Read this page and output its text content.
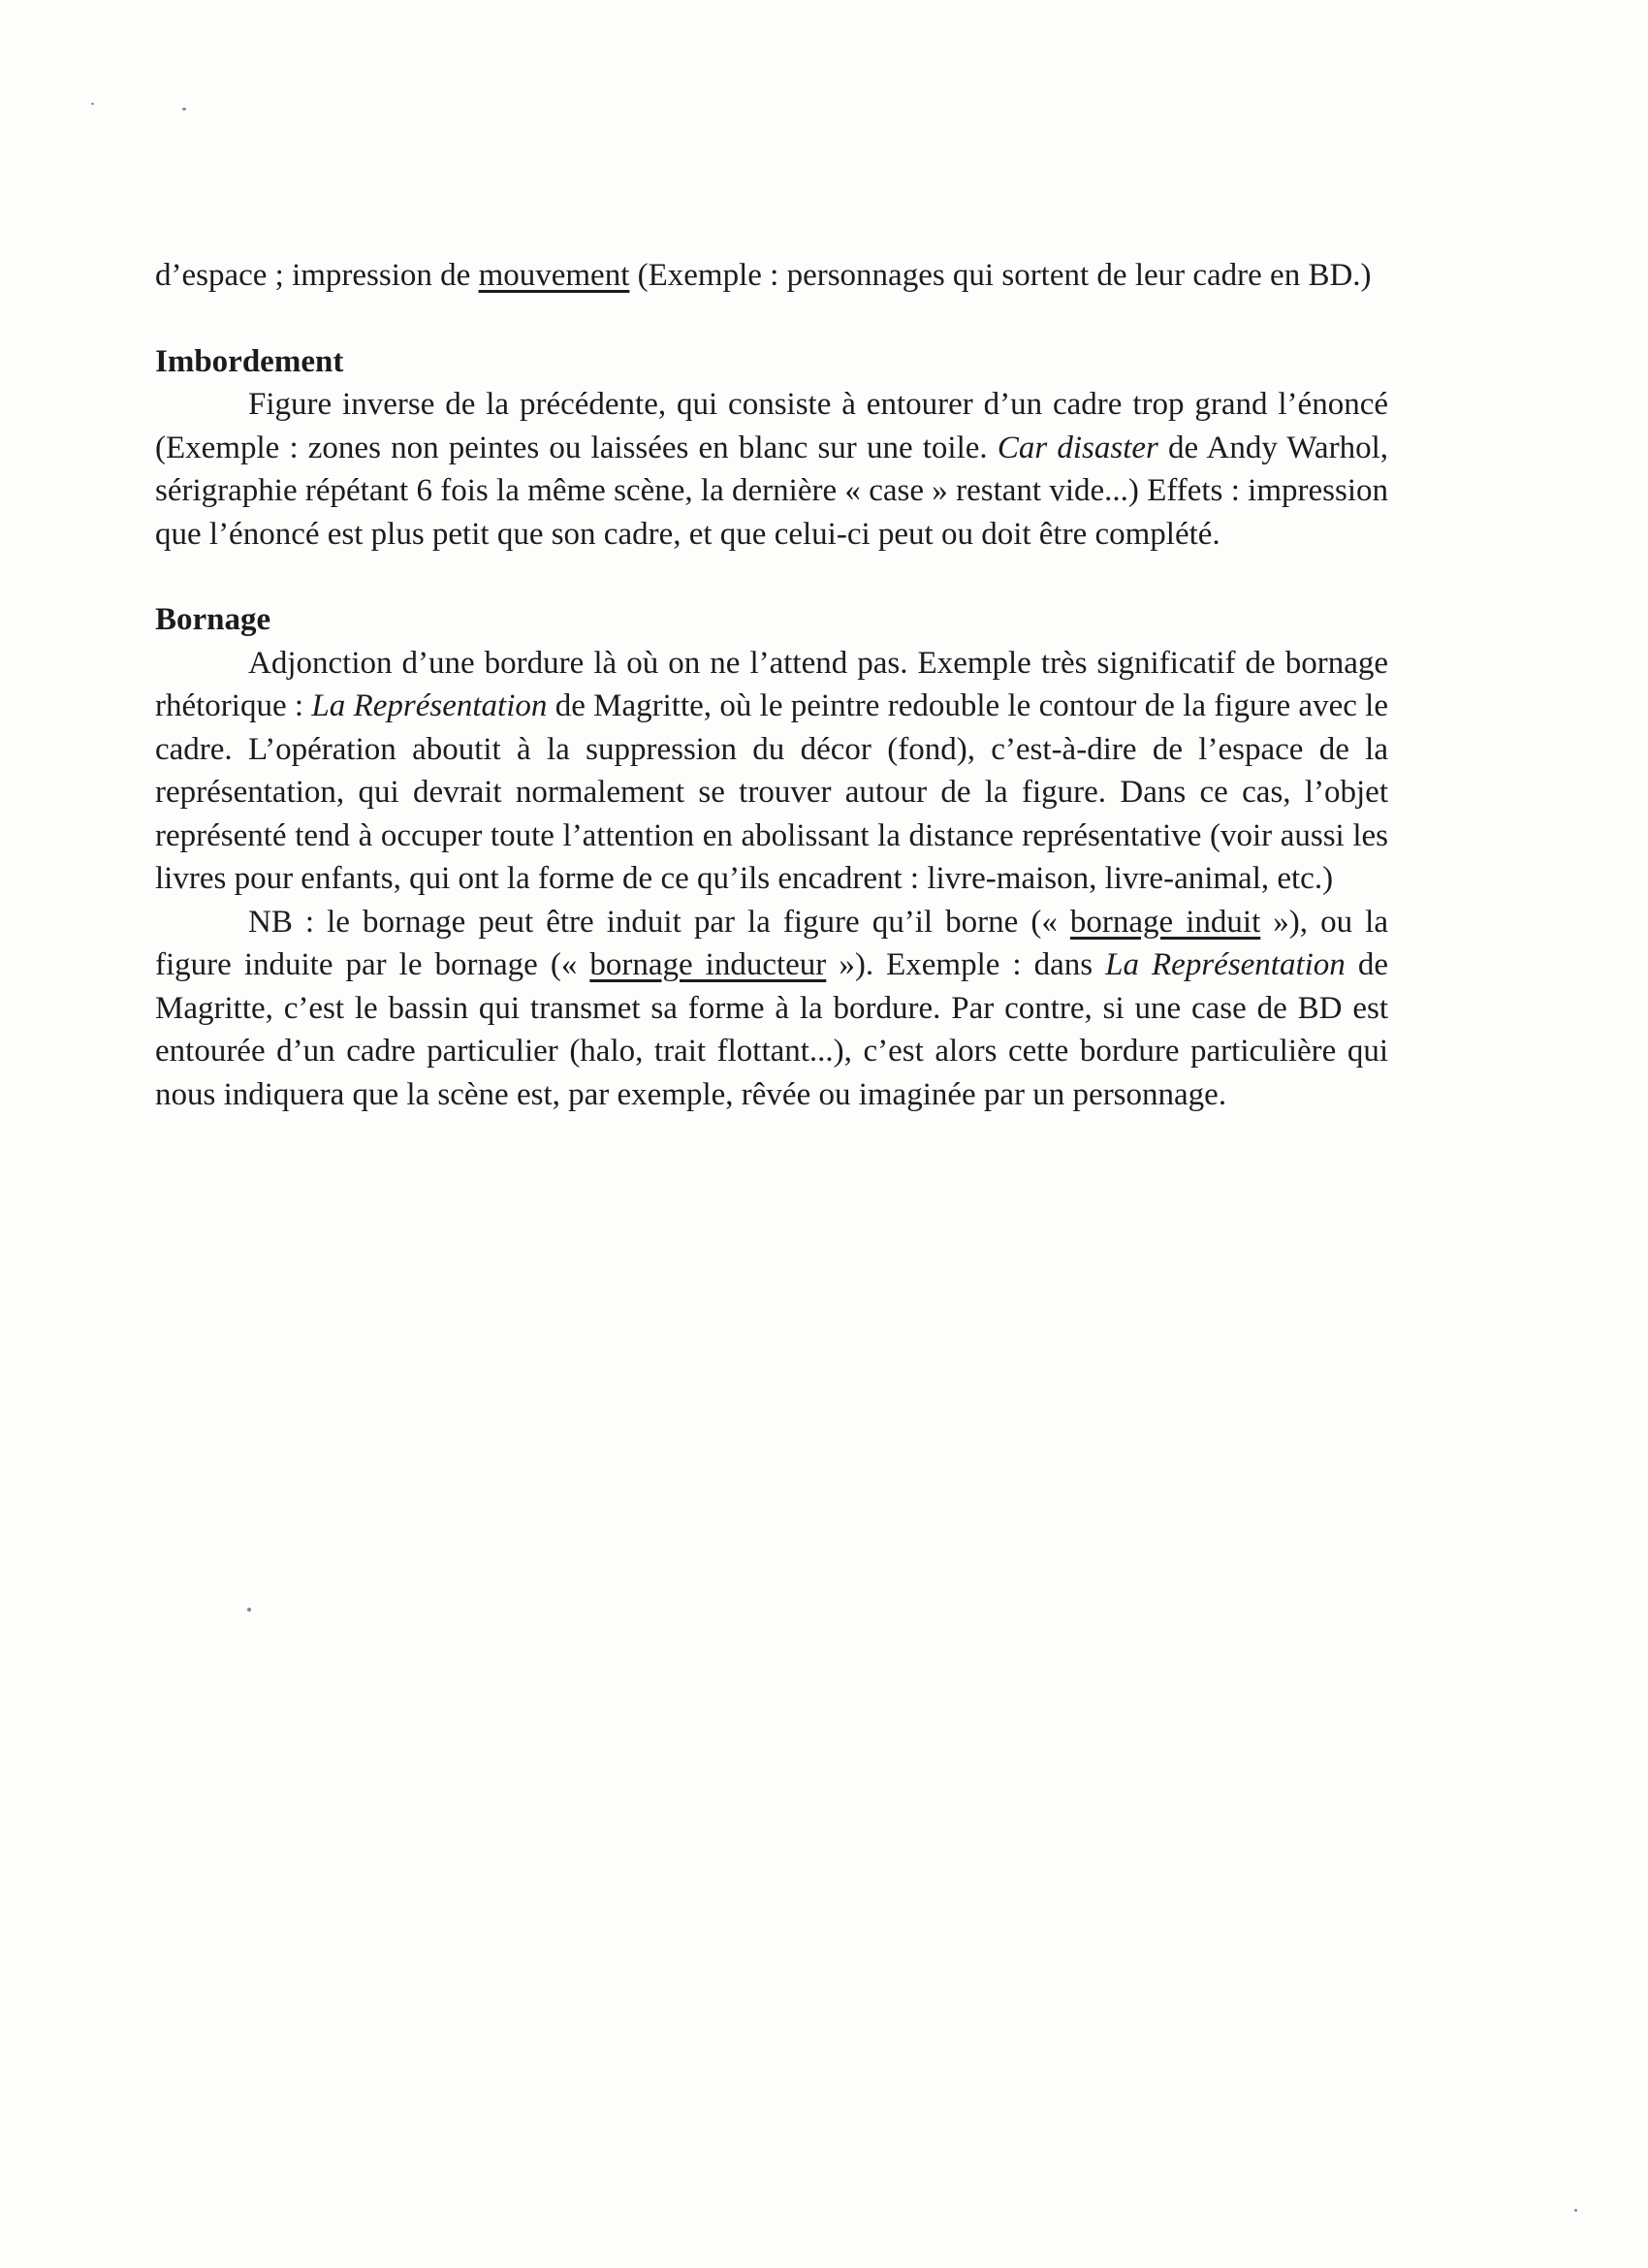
d’espace ; impression de mouvement (Exemple : personnages qui sortent de leur cadre en BD.)

Imbordement

Figure inverse de la précédente, qui consiste à entourer d’un cadre trop grand l’énoncé (Exemple : zones non peintes ou laissées en blanc sur une toile. Car disaster de Andy Warhol, sérigraphie répétant 6 fois la même scène, la dernière « case » restant vide...) Effets : impression que l’énoncé est plus petit que son cadre, et que celui-ci peut ou doit être complété.

Bornage

Adjonction d’une bordure là où on ne l’attend pas. Exemple très significatif de bornage rhétorique : La Représentation de Magritte, où le peintre redouble le contour de la figure avec le cadre. L’opération aboutit à la suppression du décor (fond), c’est-à-dire de l’espace de la représentation, qui devrait normalement se trouver autour de la figure. Dans ce cas, l’objet représenté tend à occuper toute l’attention en abolissant la distance représentative (voir aussi les livres pour enfants, qui ont la forme de ce qu’ils encadrent : livre-maison, livre-animal, etc.)

NB : le bornage peut être induit par la figure qu’il borne (« bornage induit »), ou la figure induite par le bornage (« bornage inducteur »). Exemple : dans La Représentation de Magritte, c’est le bassin qui transmet sa forme à la bordure. Par contre, si une case de BD est entourée d’un cadre particulier (halo, trait flottant...), c’est alors cette bordure particulière qui nous indiquera que la scène est, par exemple, rêvée ou imaginée par un personnage.
